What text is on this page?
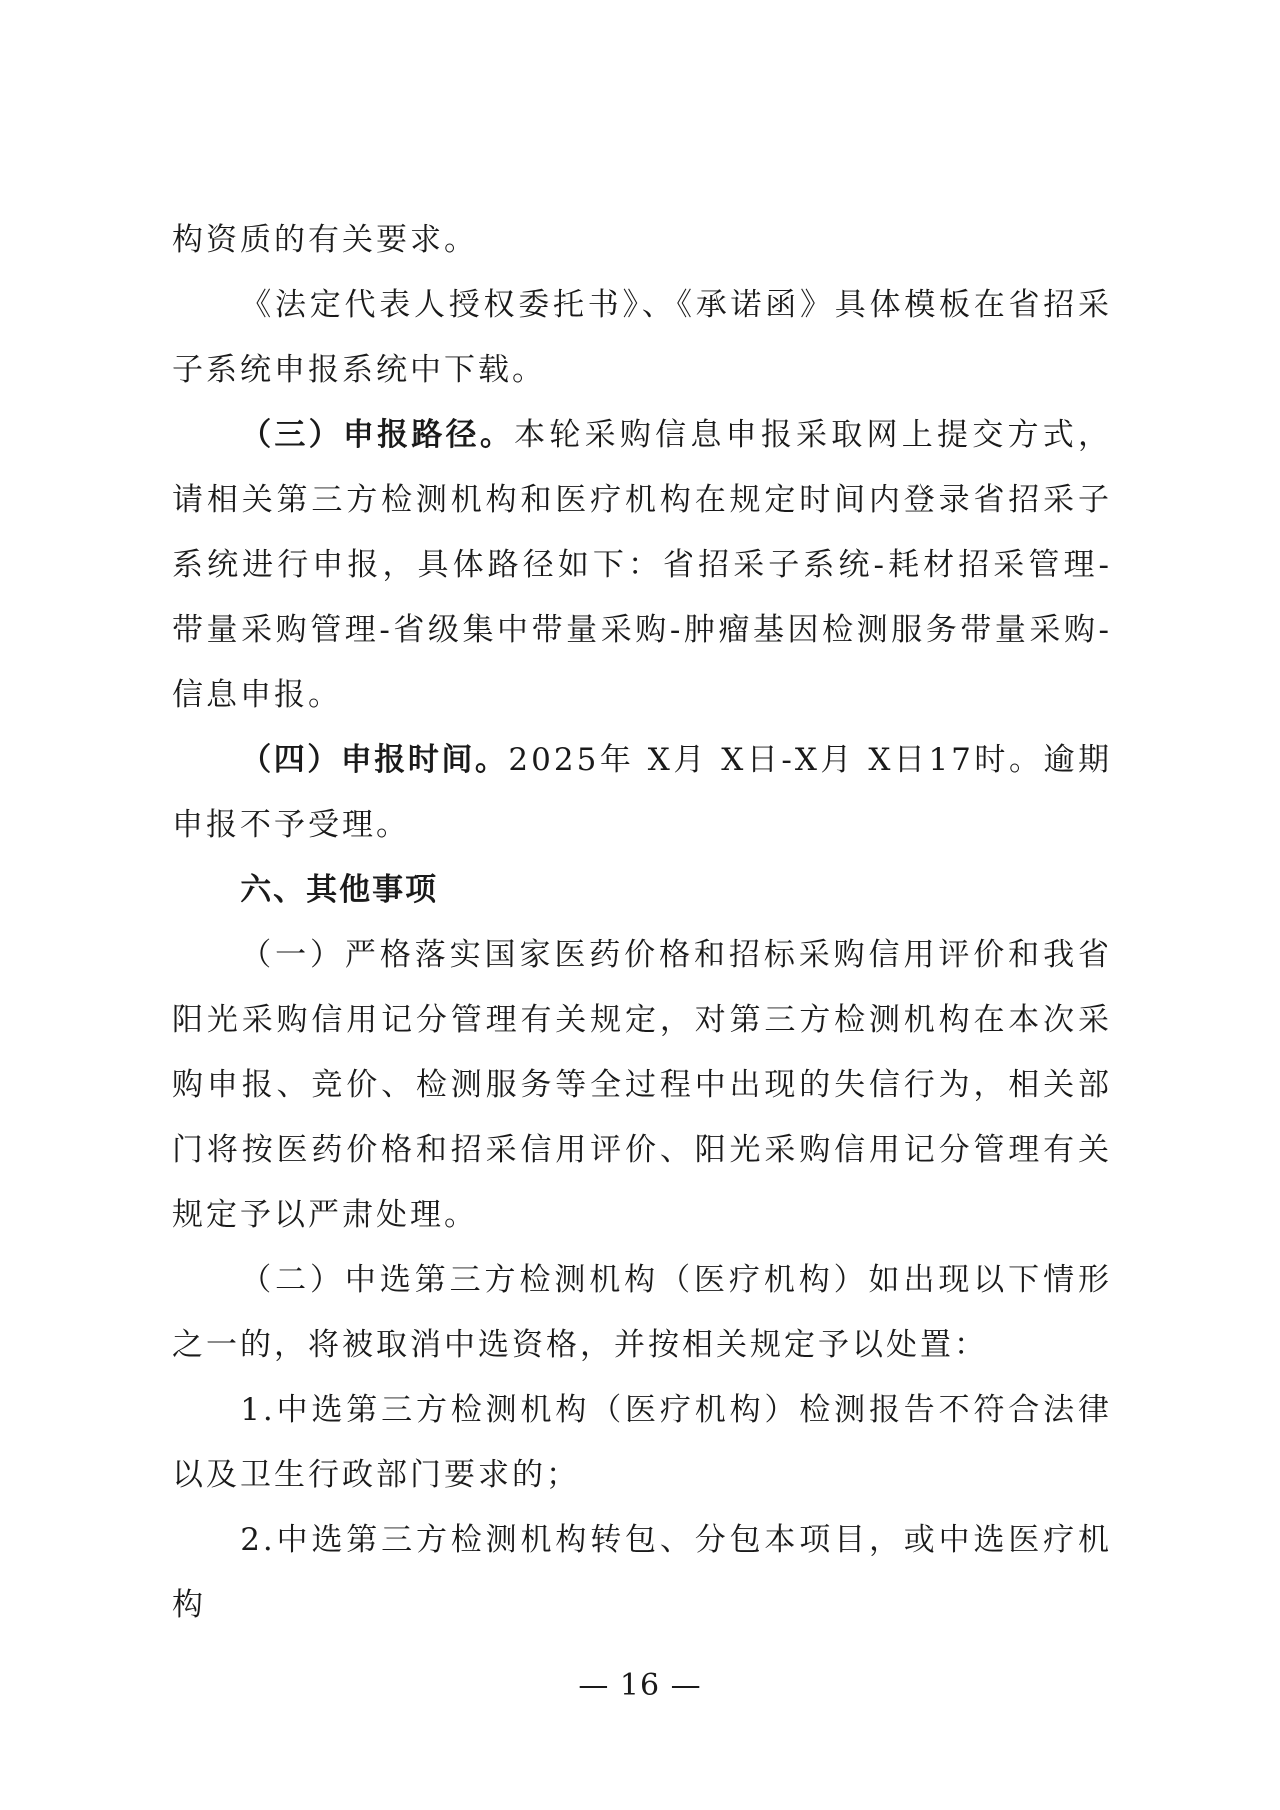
构资质的有关要求。

《法定代表人授权委托书》、《承诺函》具体模板在省招采子系统申报系统中下载。

（三）申报路径。本轮采购信息申报采取网上提交方式，请相关第三方检测机构和医疗机构在规定时间内登录省招采子系统进行申报，具体路径如下：省招采子系统-耗材招采管理-带量采购管理-省级集中带量采购-肿瘤基因检测服务带量采购-信息申报。

（四）申报时间。2025年 X月 X日-X月 X日17时。逾期申报不予受理。

六、其他事项

（一）严格落实国家医药价格和招标采购信用评价和我省阳光采购信用记分管理有关规定，对第三方检测机构在本次采购申报、竞价、检测服务等全过程中出现的失信行为，相关部门将按医药价格和招采信用评价、阳光采购信用记分管理有关规定予以严肃处理。

（二）中选第三方检测机构（医疗机构）如出现以下情形之一的，将被取消中选资格，并按相关规定予以处置：

1.中选第三方检测机构（医疗机构）检测报告不符合法律以及卫生行政部门要求的；

2.中选第三方检测机构转包、分包本项目，或中选医疗机构

— 16 —
